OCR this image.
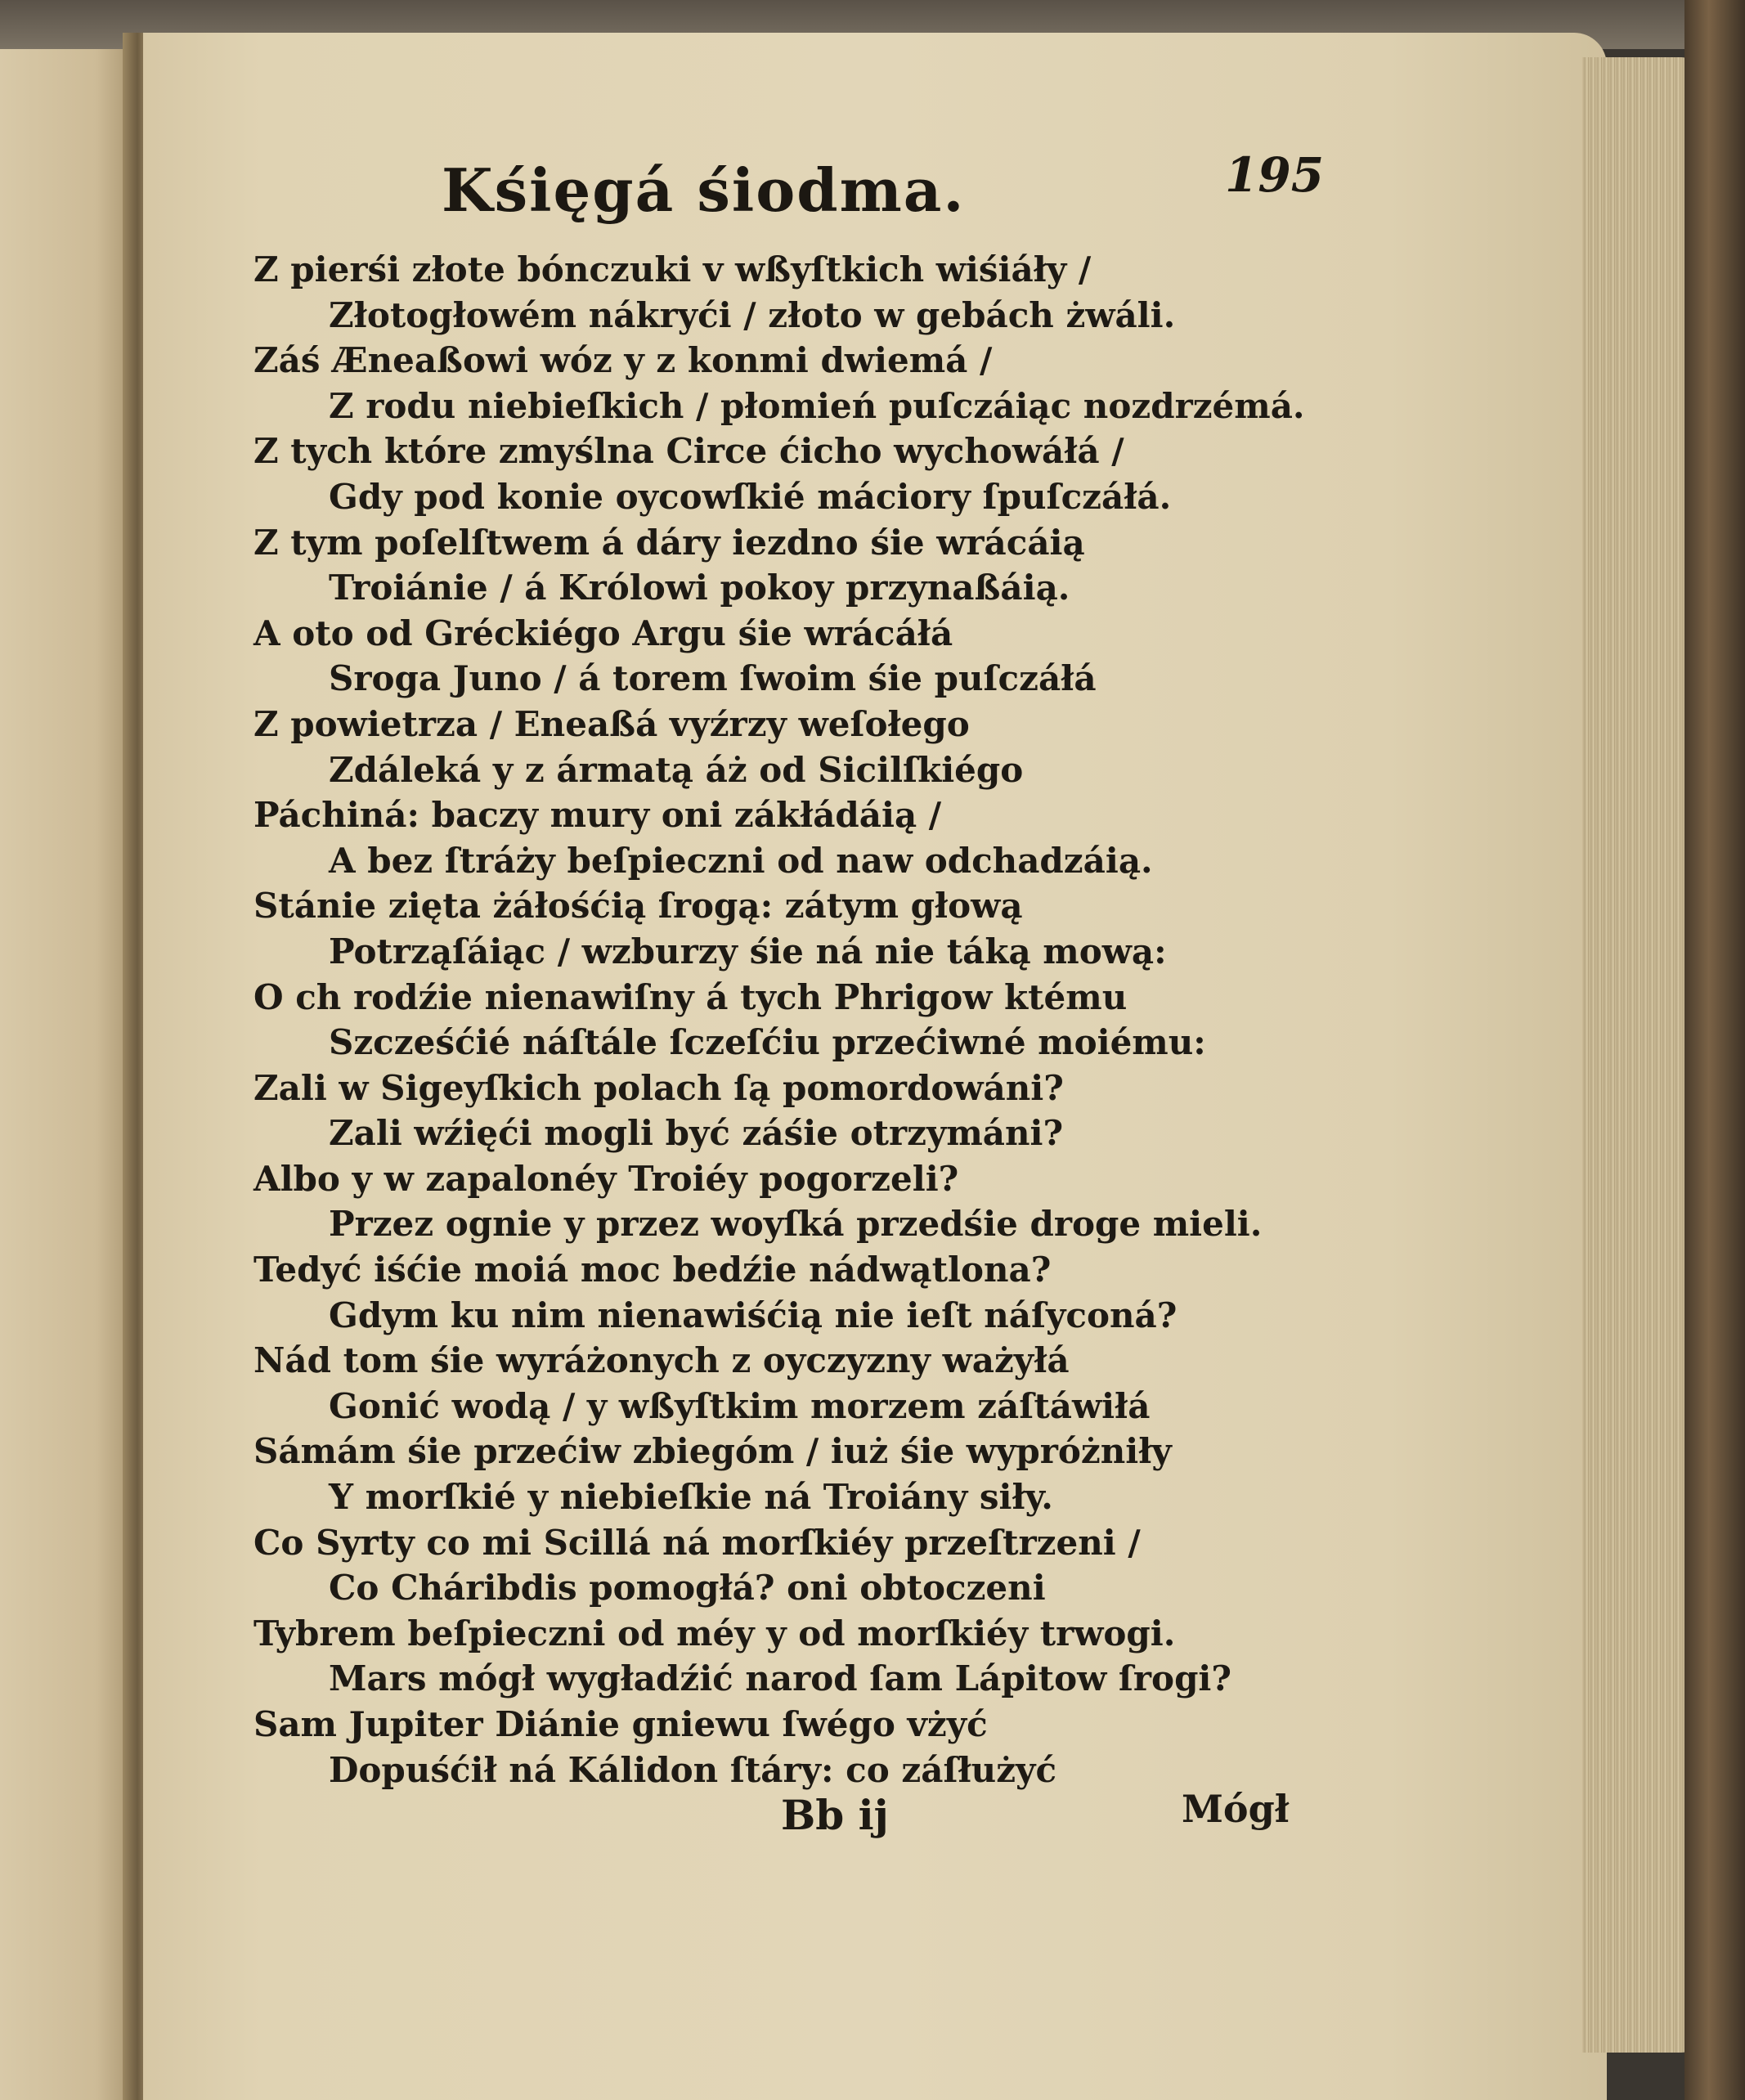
Kśięgá śiodma.	195
Z pierśi złote bónczuki v wßyſtkich wiśiáły /
Złotogłowém nákryći / złoto w gebách żwáli.
Záś Æneaßowi wóz y z konmi dwiemá /
Z rodu niebieſkich / płomień puſczáiąc nozdrzémá.
Z tych które zmyślna Circe ćicho wychowáłá /
Gdy pod konie oycowſkié máciory ſpuſczáłá.
Z tym poſelſtwem á dáry iezdno śie wrácáią
Troiánie / á Królowi pokoy przynaßáią.
A oto od Gréckiégo Argu śie wrácáłá
Sroga Juno / á torem ſwoim śie puſczáłá
Z powietrza / Eneaßá vyźrzy weſołego
Zdáleká y z ármatą áż od Sicilſkiégo
Páchiná: baczy mury oni zákłádáią /
A bez ſtráży beſpieczni od naw odchadzáią.
Stánie zięta żáłośćią ſrogą: zátym głową
Potrząſáiąc / wzburzy śie ná nie táką mową:
O ch rodźie nienawiſny á tych Phrigow ktému
Szcześćié náſtále ſczeſćiu przećiwné moiému:
Zali w Sigeyſkich polach ſą pomordowáni?
Zali wźięći mogli być záśie otrzymáni?
Albo y w zapalonéy Troiéy pogorzeli?
Przez ognie y przez woyſká przedśie droge mieli.
Tedyć iśćie moiá moc bedźie nádwątlona?
Gdym ku nim nienawiśćią nie ieſt náſyconá?
Nád tom śie wyráżonych z oyczyzny ważyłá
Gonić wodą / y wßyſtkim morzem záſtáwiłá
Sámám śie przećiw zbiegóm / iuż śie wypróżniły
Y morſkié y niebieſkie ná Troiány siły.
Co Syrty co mi Scillá ná morſkiéy przeſtrzeni /
Co Cháribdis pomogłá? oni obtoczeni
Tybrem beſpieczni od méy y od morſkiéy trwogi.
Mars mógł wygładźić narod ſam Lápitow ſrogi?
Sam Jupiter Diánie gniewu ſwégo vżyć
Dopuśćił ná Kálidon ſtáry: co záſłużyć
Bb ij	Mógł
